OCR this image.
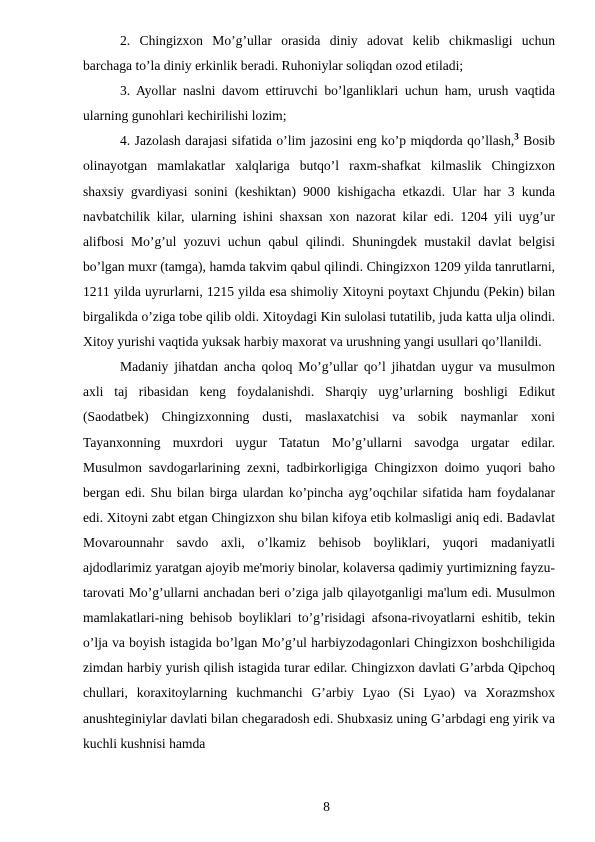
2. Chingizxon Mo’g’ullar orasida diniy adovat kelib chikmasligi uchun barchaga to’la diniy erkinlik beradi. Ruhoniylar soliqdan ozod etiladi;

3. Ayollar naslni davom ettiruvchi bo’lganliklari uchun ham, urush vaqtida ularning gunohlari kechirilishi lozim;

4. Jazolash darajasi sifatida o’lim jazosini eng ko’p miqdorda qo’llash,$^3$ Bosib olinayotgan mamlakatlar xalqlariga butqo’l raxm-shafkat kilmaslik Chingizxon shaxsiy gvardiyasi sonini (keshiktan) 9000 kishigacha etkazdi. Ular har 3 kunda navbatchilik kilar, ularning ishini shaxsan xon nazorat kilar edi. 1204 yili uyg’ur alifbosi Mo’g’ul yozuvi uchun qabul qilindi. Shuningdek mustakil davlat belgisi bo’lgan muxr (tamga), hamda takvim qabul qilindi. Chingizxon 1209 yilda tanrutlarni, 1211 yilda uyrurlarni, 1215 yilda esa shimoliy Xitoyni poytaxt Chjundu (Pekin) bilan birgalikda o’ziga tobe qilib oldi. Xitoydagi Kin sulolasi tutatilib, juda katta ulja olindi. Xitoy yurishi vaqtida yuksak harbiy maxorat va urushning yangi usullari qo’llanildi.

Madaniy jihatdan ancha qoloq Mo’g’ullar qo’l jihatdan uygur va musulmon axli taj ribasidan keng foydalanishdi. Sharqiy uyg’urlarning boshligi Edikut (Saodatbek) Chingizxonning dusti, maslaxatchisi va sobik naymanlar xoni Tayanxonning muxrdori uygur Tatatun Mo’g’ullarni savodga urgatar edilar. Musulmon savdogarlarining zexni, tadbirkorligiga Chingizxon doimo yuqori baho bergan edi. Shu bilan birga ulardan ko’pincha ayg’oqchilar sifatida ham foydalanar edi. Xitoyni zabt etgan Chingizxon shu bilan kifoya etib kolmasligi aniq edi. Badavlat Movarounnahr savdo axli, o’lkamiz behisob boyliklari, yuqori madaniyatli ajdodlarimiz yaratgan ajoyib me'moriy binolar, kolaversa qadimiy yurtimizning fayzu-tarovati Mo’g’ullarni anchadan beri o’ziga jalb qilayotganligi ma'lum edi. Musulmon mamlakatlari-ning behisob boyliklari to’g’risidagi afsona-rivoyatlarni eshitib, tekin o’lja va boyish istagida bo’lgan Mo’g’ul harbiyzodagonlari Chingizxon boshchiligida zimdan harbiy yurish qilish istagida turar edilar. Chingizxon davlati G’arbda Qipchoq chullari, koraxitoylarning kuchmanchi G’arbiy Lyao (Si Lyao) va Xorazmshox anushteginiylar davlati bilan chegaradosh edi. Shubxasiz uning G’arbdagi eng yirik va kuchli kushnisi hamda

8
